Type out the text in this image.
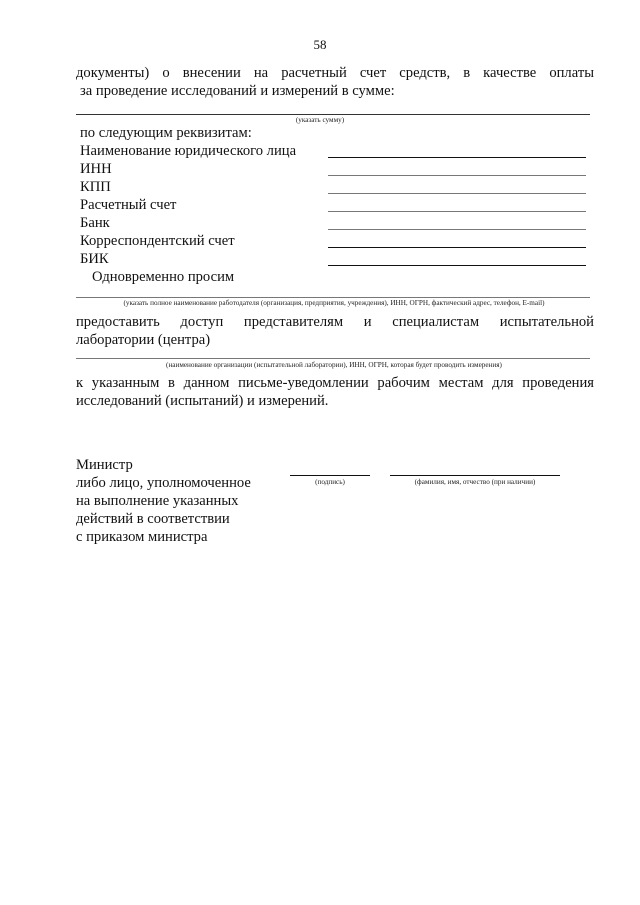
58
документы) о внесении на расчетный счет средств, в качестве оплаты
за проведение исследований и измерений в сумме:
(указать сумму)
по следующим реквизитам:
Наименование юридического лица
ИНН
КПП
Расчетный счет
Банк
Корреспондентский счет
БИК
Одновременно просим
(указать полное наименование работодателя (организация, предприятия, учреждения), ИНН, ОГРН, фактический адрес, телефон, E-mail)
предоставить доступ представителям и специалистам испытательной
лаборатории (центра)
(наименование организации (испытательной лаборатории), ИНН, ОГРН, которая будет проводить измерения)
к указанным в данном письме-уведомлении рабочим местам для проведения
исследований (испытаний) и измерений.
Министр
либо лицо, уполномоченное
на выполнение указанных
действий в соответствии
с приказом министра
(подпись)	(фамилия, имя, отчество (при наличии)
